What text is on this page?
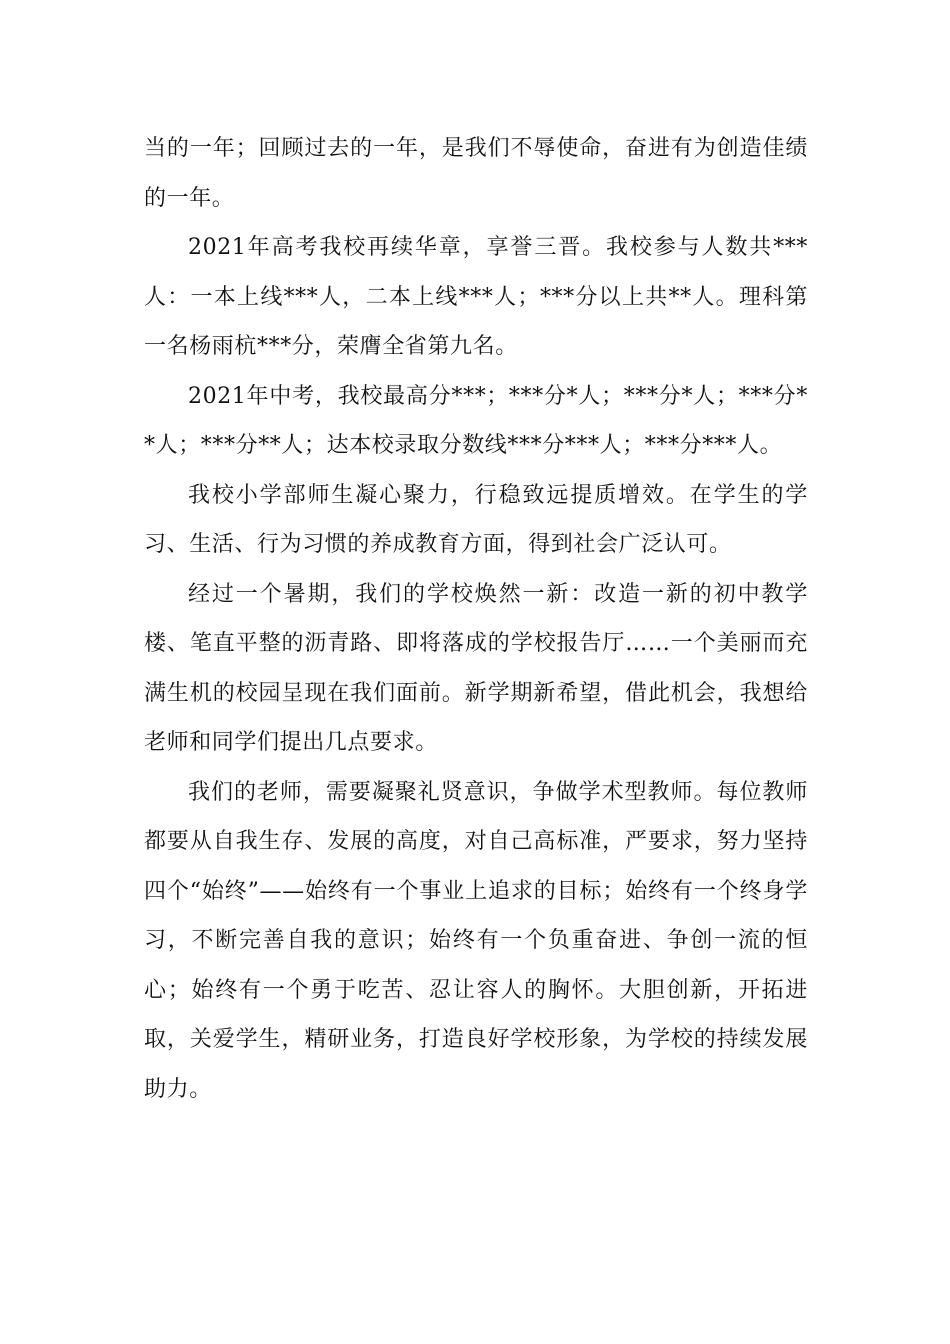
当的一年；回顾过去的一年，是我们不辱使命，奋进有为创造佳绩的一年。

2021年高考我校再续华章，享誉三晋。我校参与人数共***人：一本上线***人，二本上线***人；***分以上共**人。理科第一名杨雨杭***分，荣膺全省第九名。

2021年中考，我校最高分***；***分*人；***分*人；***分**人；***分**人；达本校录取分数线***分***人；***分***人。

我校小学部师生凝心聚力，行稳致远提质增效。在学生的学习、生活、行为习惯的养成教育方面，得到社会广泛认可。

经过一个暑期，我们的学校焕然一新：改造一新的初中教学楼、笔直平整的沥青路、即将落成的学校报告厅……一个美丽而充满生机的校园呈现在我们面前。新学期新希望，借此机会，我想给老师和同学们提出几点要求。

我们的老师，需要凝聚礼贤意识，争做学术型教师。每位教师都要从自我生存、发展的高度，对自己高标准，严要求，努力坚持四个“始终”——始终有一个事业上追求的目标；始终有一个终身学习，不断完善自我的意识；始终有一个负重奋进、争创一流的恒心；始终有一个勇于吃苦、忍让容人的胸怀。大胆创新，开拓进取，关爱学生，精研业务，打造良好学校形象，为学校的持续发展助力。
